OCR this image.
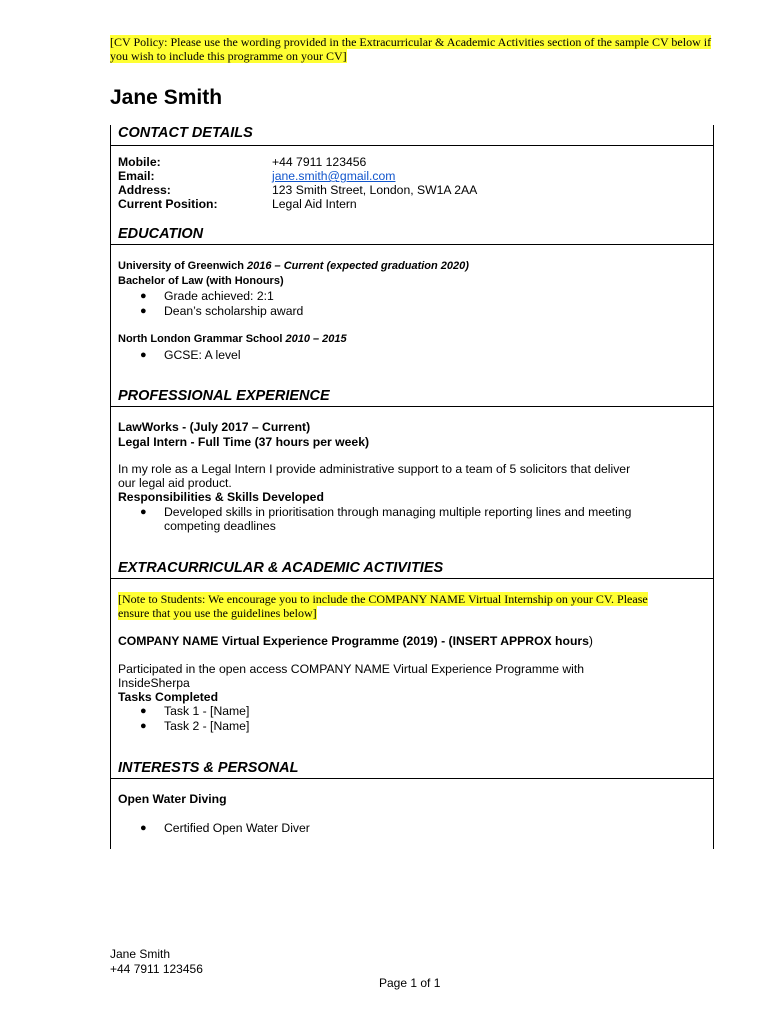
[CV Policy: Please use the wording provided in the Extracurricular & Academic Activities section of the sample CV below if you wish to include this programme on your CV]
Jane Smith
CONTACT DETAILS
Mobile:	+44 7911 123456
Email:	jane.smith@gmail.com
Address:	123 Smith Street, London, SW1A 2AA
Current Position:	Legal Aid Intern
EDUCATION
University of Greenwich 2016 – Current (expected graduation 2020)
Bachelor of Law (with Honours)
● Grade achieved: 2:1
● Dean’s scholarship award
North London Grammar School 2010 – 2015
● GCSE: A level
PROFESSIONAL EXPERIENCE
LawWorks - (July 2017 – Current)
Legal Intern - Full Time (37 hours per week)
In my role as a Legal Intern I provide administrative support to a team of 5 solicitors that deliver
our legal aid product.
Responsibilities & Skills Developed
● Developed skills in prioritisation through managing multiple reporting lines and meeting
competing deadlines
EXTRACURRICULAR & ACADEMIC ACTIVITIES
[Note to Students: We encourage you to include the COMPANY NAME Virtual Internship on your CV. Please
ensure that you use the guidelines below]
COMPANY NAME Virtual Experience Programme (2019) - (INSERT APPROX hours)
Participated in the open access COMPANY NAME Virtual Experience Programme with
InsideSherpa
Tasks Completed
● Task 1 - [Name]
● Task 2 - [Name]
INTERESTS & PERSONAL
Open Water Diving
● Certified Open Water Diver
Jane Smith
+44 7911 123456
Page 1 of 1
